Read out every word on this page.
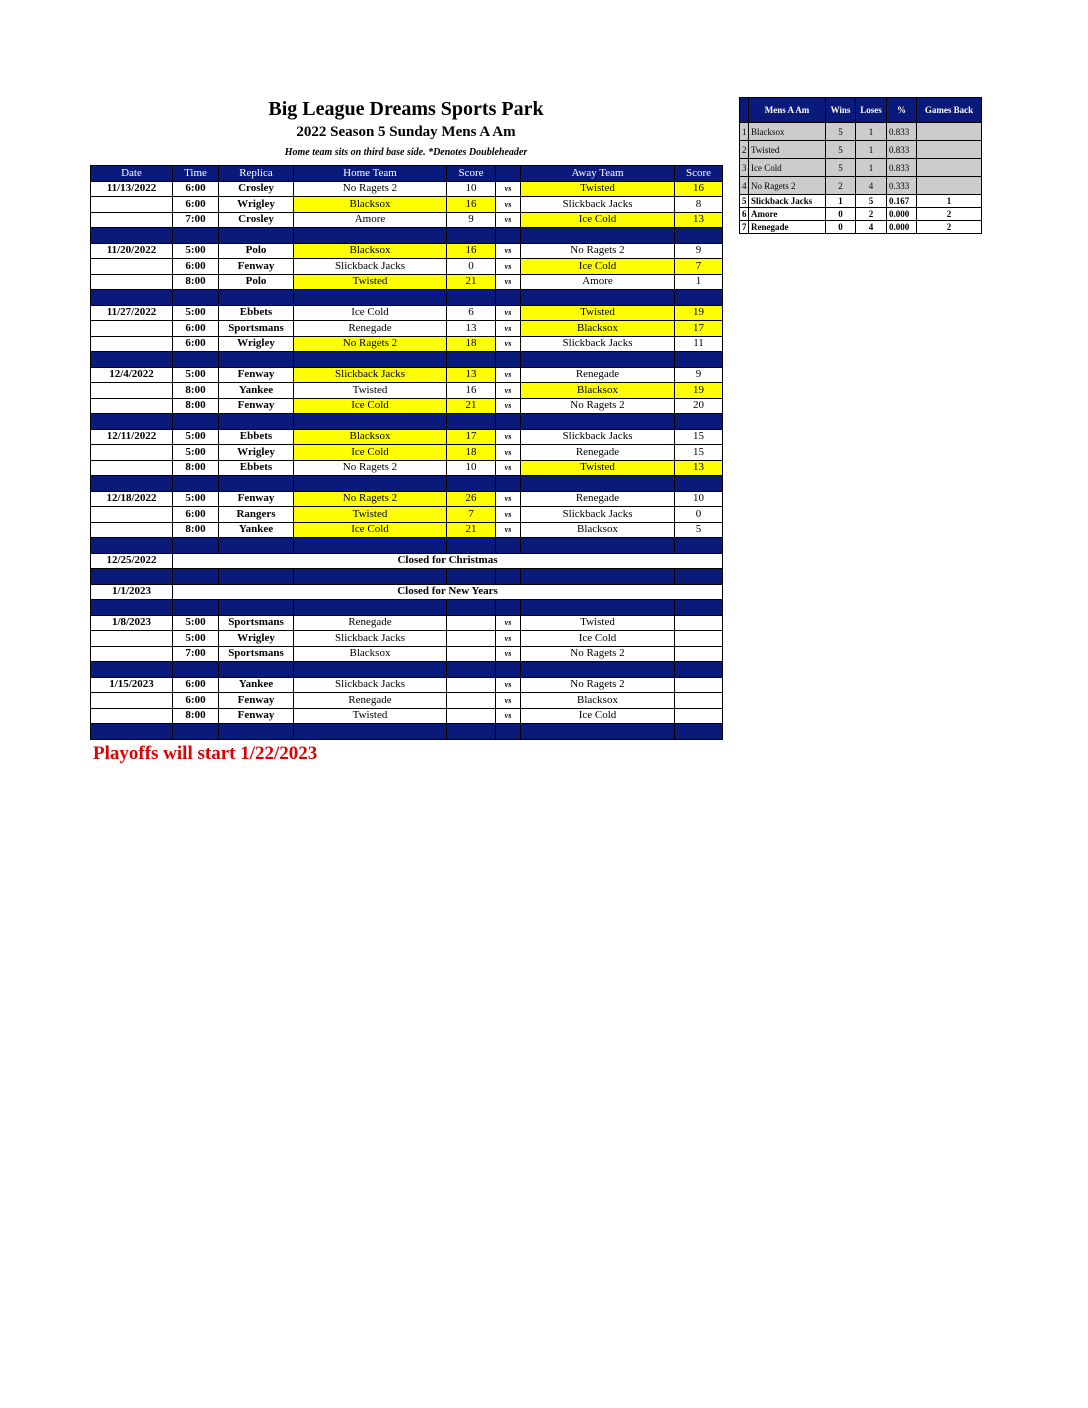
Big League Dreams Sports Park
2022 Season 5 Sunday Mens A Am
Home team sits on third base side. *Denotes Doubleheader
Date	Time	Replica	Home Team	Score		Away Team	Score
11/13/2022	6:00	Crosley	No Ragets 2	10	vs	Twisted	16
	6:00	Wrigley	Blacksox	16	vs	Slickback Jacks	8
	7:00	Crosley	Amore	9	vs	Ice Cold	13

11/20/2022	5:00	Polo	Blacksox	16	vs	No Ragets 2	9
	6:00	Fenway	Slickback Jacks	0	vs	Ice Cold	7
	8:00	Polo	Twisted	21	vs	Amore	1

11/27/2022	5:00	Ebbets	Ice Cold	6	vs	Twisted	19
	6:00	Sportsmans	Renegade	13	vs	Blacksox	17
	6:00	Wrigley	No Ragets 2	18	vs	Slickback Jacks	11

12/4/2022	5:00	Fenway	Slickback Jacks	13	vs	Renegade	9
	8:00	Yankee	Twisted	16	vs	Blacksox	19
	8:00	Fenway	Ice Cold	21	vs	No Ragets 2	20

12/11/2022	5:00	Ebbets	Blacksox	17	vs	Slickback Jacks	15
	5:00	Wrigley	Ice Cold	18	vs	Renegade	15
	8:00	Ebbets	No Ragets 2	10	vs	Twisted	13

12/18/2022	5:00	Fenway	No Ragets 2	26	vs	Renegade	10
	6:00	Rangers	Twisted	7	vs	Slickback Jacks	0
	8:00	Yankee	Ice Cold	21	vs	Blacksox	5

12/25/2022	Closed for Christmas						

1/1/2023	Closed for New Years						

1/8/2023	5:00	Sportsmans	Renegade		vs	Twisted	
	5:00	Wrigley	Slickback Jacks		vs	Ice Cold	
	7:00	Sportsmans	Blacksox		vs	No Ragets 2	

1/15/2023	6:00	Yankee	Slickback Jacks		vs	No Ragets 2	
	6:00	Fenway	Renegade		vs	Blacksox	
	8:00	Fenway	Twisted		vs	Ice Cold	

Playoffs will start 1/22/2023
	Mens A Am	Wins	Loses	%	Games Back
1	Blacksox	5	1	0.833	
2	Twisted	5	1	0.833	
3	Ice Cold	5	1	0.833	
4	No Ragets 2	2	4	0.333	
5	Slickback Jacks	1	5	0.167	1
6	Amore	0	2	0.000	2
7	Renegade	0	4	0.000	2
